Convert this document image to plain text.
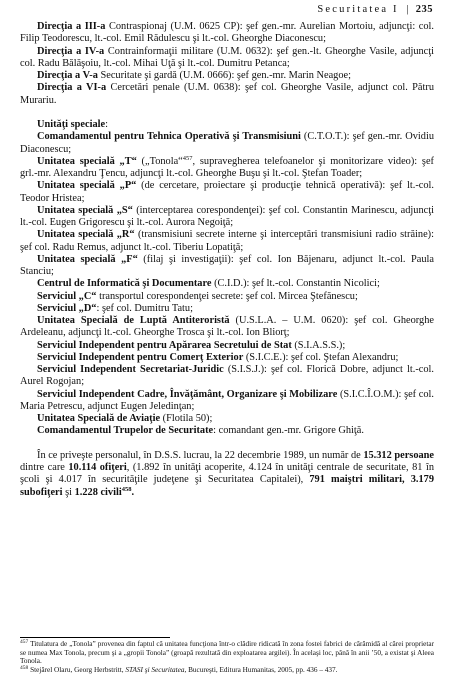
Securitatea I | 235

Direcţia a III-a Contraspionaj (U.M. 0625 CP): şef gen.-mr. Aurelian Mortoiu, adjuncţi: col. Filip Teodorescu, lt.-col. Emil Rădulescu şi lt.-col. Gheorghe Diaconescu;

Direcţia a IV-a Contrainformaţii militare (U.M. 0632): şef gen.-lt. Gheorghe Vasile, adjuncţi col. Radu Bălăşoiu, lt.-col. Mihai Uţă şi lt.-col. Dumitru Petanca;

Direcţia a V-a Securitate şi gardă (U.M. 0666): şef gen.-mr. Marin Neagoe;

Direcţia a VI-a Cercetări penale (U.M. 0638): şef col. Gheorghe Vasile, adjunct col. Pătru Murariu.

Unităţi speciale:

Comandamentul pentru Tehnica Operativă şi Transmisiuni (C.T.O.T.): şef gen.-mr. Ovidiu Diaconescu;

Unitatea specială „T“ („Tonola“$^{457}$, supravegherea telefoanelor şi monitorizare video): şef grl.-mr. Alexandru Ţencu, adjuncţi lt.-col. Gheorghe Buşu şi lt.-col. Ştefan Toader;

Unitatea specială „P“ (de cercetare, proiectare şi producţie tehnică operativă): şef lt.-col. Teodor Hristea;

Unitatea specială „S“ (interceptarea corespondenţei): şef col. Constantin Marinescu, adjuncţi lt.-col. Eugen Grigorescu şi lt.-col. Aurora Negoiţă;

Unitatea specială „R“ (transmisiuni secrete interne şi interceptări transmisiuni radio străine): şef col. Radu Remus, adjunct lt.-col. Tiberiu Lopatiţă;

Unitatea specială „F“ (filaj şi investigaţii): şef col. Ion Băjenaru, adjunct lt.-col. Paula Stanciu;

Centrul de Informatică şi Documentare (C.I.D.): şef lt.-col. Constantin Nicolici;

Serviciul „C“ transportul corespondenţei secrete: şef col. Mircea Ştefănescu;

Serviciul „D“: şef col. Dumitru Tatu;

Unitatea Specială de Luptă Antiteroristă (U.S.L.A. – U.M. 0620): şef col. Gheorghe Ardeleanu, adjuncţi lt.-col. Gheorghe Trosca şi lt.-col. Ion Bliorţ;

Serviciul Independent pentru Apărarea Secretului de Stat (S.I.A.S.S.);

Serviciul Independent pentru Comerţ Exterior (S.I.C.E.): şef col. Ştefan Alexandru;

Serviciul Independent Secretariat-Juridic (S.I.S.J.): şef col. Florică Dobre, adjunct lt.-col. Aurel Rogojan;

Serviciul Independent Cadre, Învăţământ, Organizare şi Mobilizare (S.I.C.Î.O.M.): şef col. Maria Petrescu, adjunct Eugen Jeledinţan;

Unitatea Specială de Aviaţie (Flotila 50);

Comandamentul Trupelor de Securitate: comandant gen.-mr. Grigore Ghiţă.

În ce priveşte personalul, în D.S.S. lucrau, la 22 decembrie 1989, un număr de 15.312 persoane dintre care 10.114 ofiţeri, (1.892 în unităţi acoperite, 4.124 în unităţi centrale de securitate, 81 în şcoli şi 4.017 în securităţile judeţene şi Securitatea Capitalei), 791 maiştri militari, 3.179 subofiţeri şi 1.228 civili$^{458}$.

$^{457}$ Titulatura de „Tonola” provenea din faptul că unitatea funcţiona într-o clădire ridicată în zona fostei fabrici de cărămidă al cărei proprietar se numea Max Tonola, precum şi a „gropii Tonola” (groapă rezultată din exploatarea argilei). În acelaşi loc, până în anii ’50, a existat şi Aleea Tonola.

$^{458}$ Stejărel Olaru, Georg Herbstritt, STASI şi Securitatea, Bucureşti, Editura Humanitas, 2005, pp. 436 – 437.
